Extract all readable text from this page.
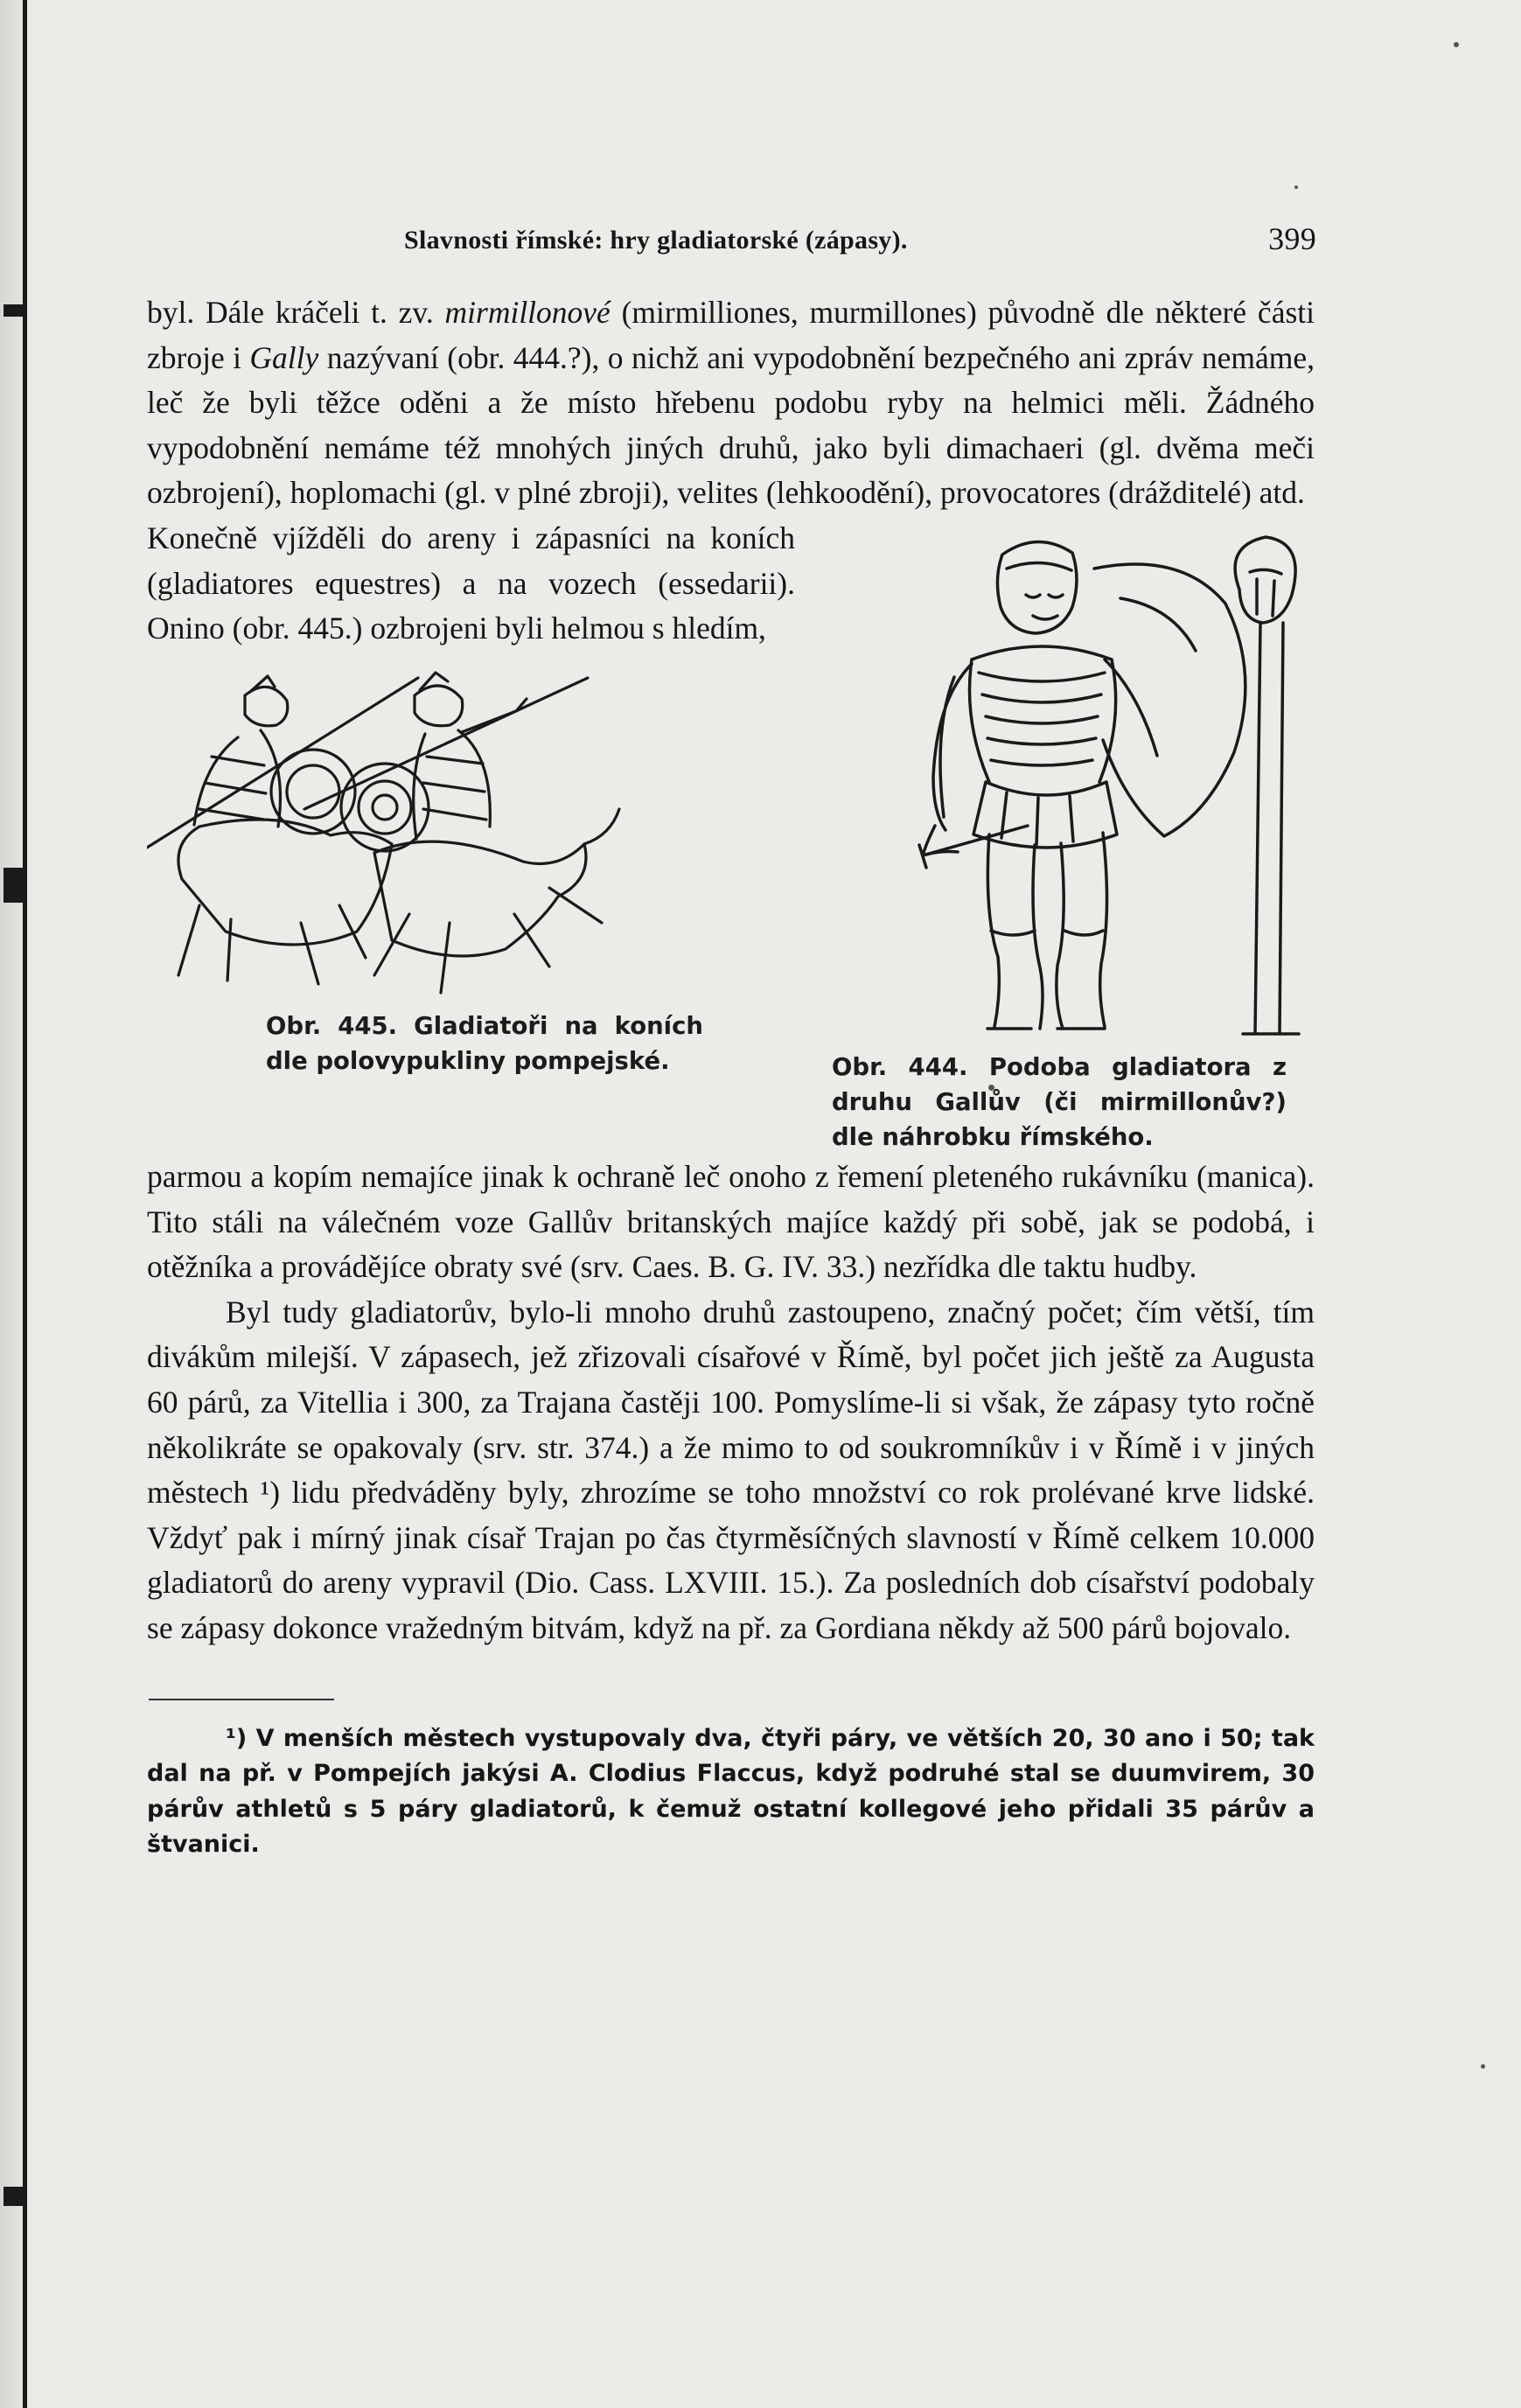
Slavnosti římské: hry gladiatorské (zápasy).	399

byl. Dále kráčeli t. zv. mirmillonové (mirmilliones, murmillones) původně dle některé části zbroje i Gally nazývaní (obr. 444.?), o nichž ani vypodobnění bezpečného ani zpráv nemáme, leč že byli těžce oděni a že místo hřebenu podobu ryby na helmici měli. Žádného vypodobnění nemáme též mnohých jiných druhů, jako byli dimachaeri (gl. dvěma meči ozbrojení), hoplomachi (gl. v plné zbroji), velites (lehkoodění), provocatores (drážditelé) atd.

Obr. 444. Podoba gladiatora z druhu Gallův (či mirmillonův?) dle náhrobku římského.

Konečně vjížděli do areny i zápasníci na koních (gladiatores equestres) a na vozech (essedarii). Onino (obr. 445.) ozbrojeni byli helmou s hledím,

Obr. 445. Gladiatoři na koních dle polovypukliny pompejské.

parmou a kopím nemajíce jinak k ochraně leč onoho z řemení pleteného rukávníku (manica). Tito stáli na válečném voze Gallův britanských majíce každý při sobě, jak se podobá, i otěžníka a provádějíce obraty své (srv. Caes. B. G. IV. 33.) nezřídka dle taktu hudby.

Byl tudy gladiatorův, bylo-li mnoho druhů zastoupeno, značný počet; čím větší, tím divákům milejší. V zápasech, jež zřizovali císařové v Římě, byl počet jich ještě za Augusta 60 párů, za Vitellia i 300, za Trajana častěji 100. Pomyslíme-li si však, že zápasy tyto ročně několikráte se opakovaly (srv. str. 374.) a že mimo to od soukromníkův i v Římě i v jiných městech ¹) lidu předváděny byly, zhrozíme se toho množství co rok prolévané krve lidské. Vždyť pak i mírný jinak císař Trajan po čas čtyrměsíčných slavností v Římě celkem 10.000 gladiatorů do areny vypravil (Dio. Cass. LXVIII. 15.). Za posledních dob císařství podobaly se zápasy dokonce vražedným bitvám, když na př. za Gordiana někdy až 500 párů bojovalo.

¹) V menších městech vystupovaly dva, čtyři páry, ve větších 20, 30 ano i 50; tak dal na př. v Pompejích jakýsi A. Clodius Flaccus, když podruhé stal se duumvirem, 30 párův athletů s 5 páry gladiatorů, k čemuž ostatní kollegové jeho přidali 35 párův a štvanici.
